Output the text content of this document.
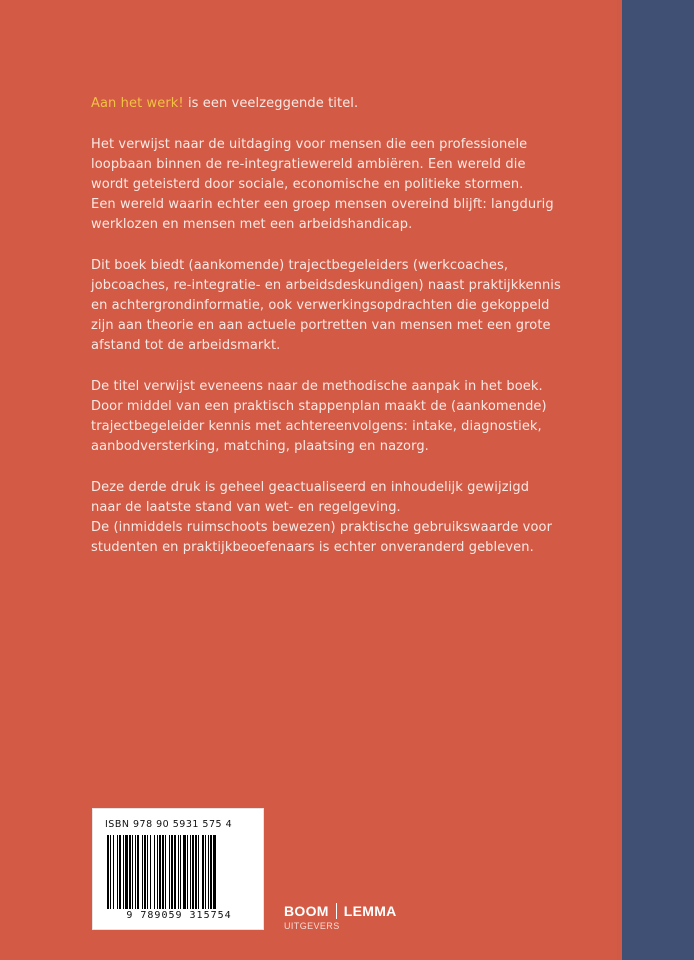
Aan het werk! is een veelzeggende titel.

Het verwijst naar de uitdaging voor mensen die een professionele
loopbaan binnen de re-integratiewereld ambiëren. Een wereld die
wordt geteisterd door sociale, economische en politieke stormen.
Een wereld waarin echter een groep mensen overeind blijft: langdurig
werklozen en mensen met een arbeidshandicap.

Dit boek biedt (aankomende) trajectbegeleiders (werkcoaches,
jobcoaches, re-integratie- en arbeidsdeskundigen) naast praktijkkennis
en achtergrondinformatie, ook verwerkingsopdrachten die gekoppeld
zijn aan theorie en aan actuele portretten van mensen met een grote
afstand tot de arbeidsmarkt.

De titel verwijst eveneens naar de methodische aanpak in het boek.
Door middel van een praktisch stappenplan maakt de (aankomende)
trajectbegeleider kennis met achtereenvolgens: intake, diagnostiek,
aanbodversterking, matching, plaatsing en nazorg.

Deze derde druk is geheel geactualiseerd en inhoudelijk gewijzigd
naar de laatste stand van wet- en regelgeving.
De (inmiddels ruimschoots bewezen) praktische gebruikswaarde voor
studenten en praktijkbeoefenaars is echter onveranderd gebleven.

ISBN 978 90 5931 575 4
9 789059 315754	BOOM LEMMA
UITGEVERS
